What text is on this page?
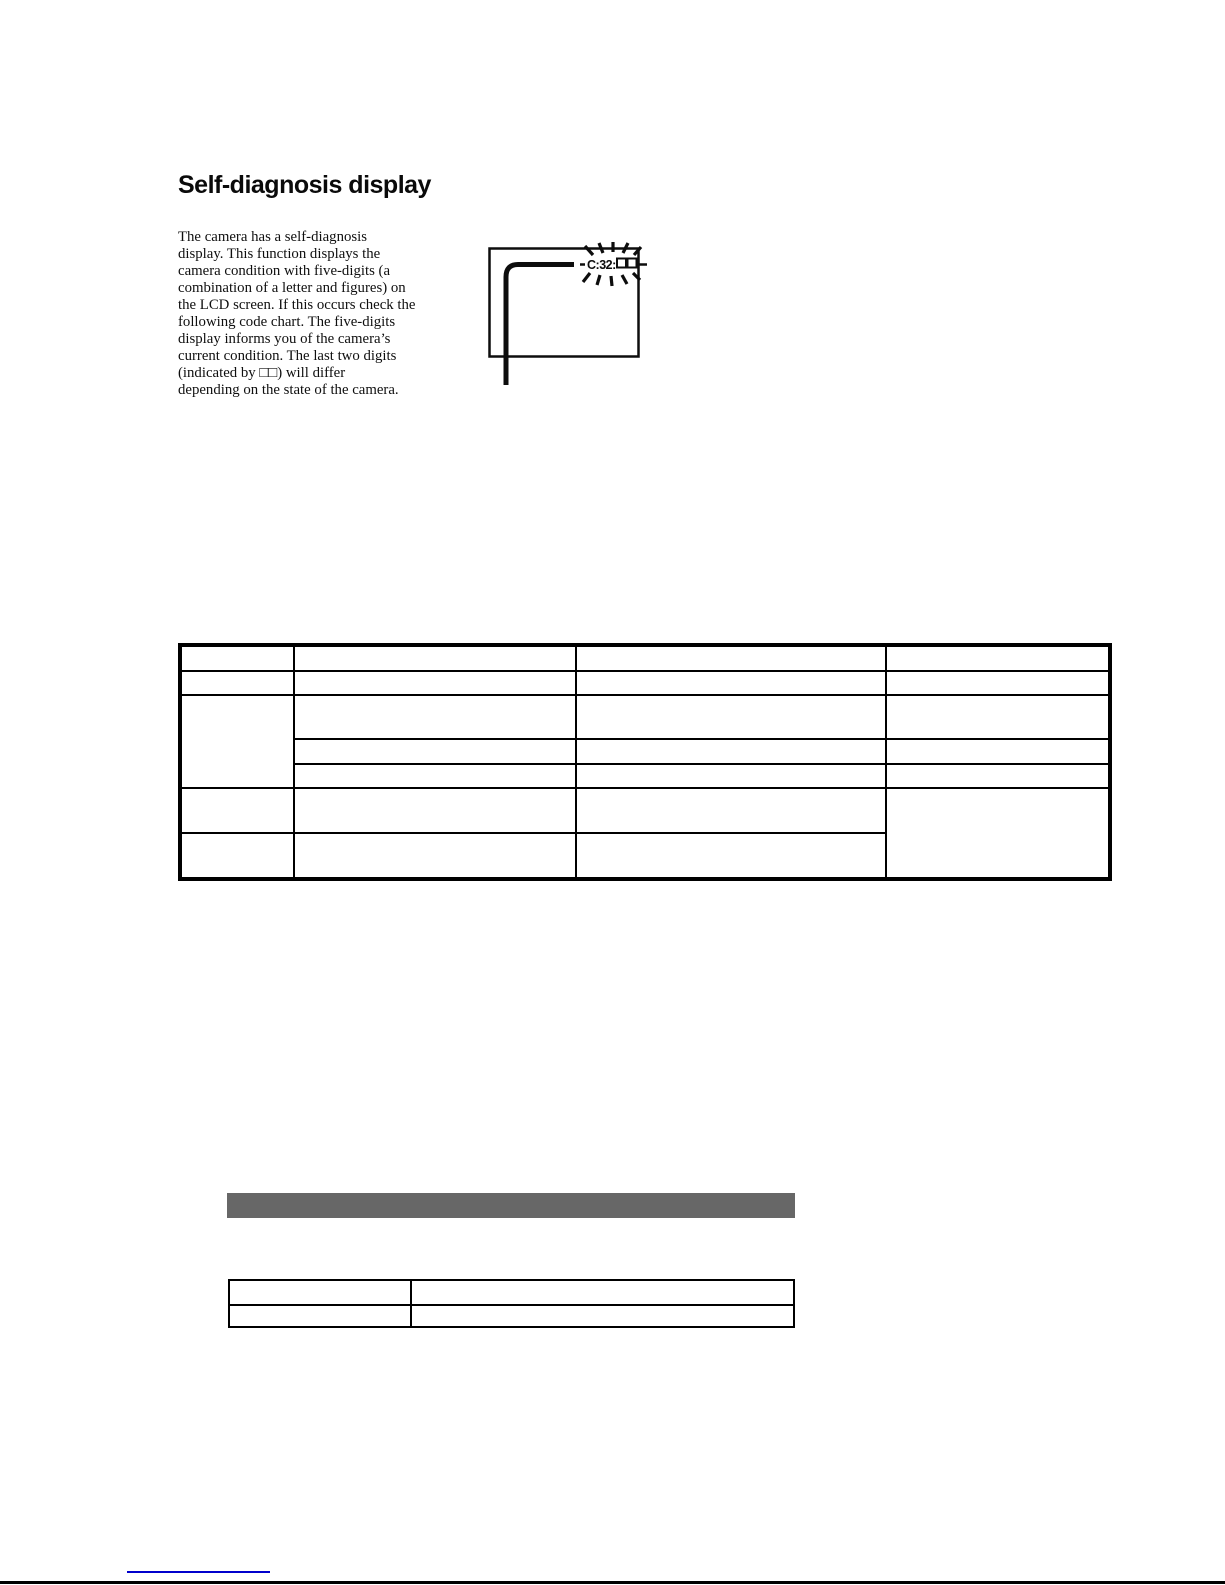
Self-diagnosis display
The camera has a self-diagnosis
display. This function displays the
camera condition with five-digits (a
combination of a letter and figures) on
the LCD screen. If this occurs check the
following code chart. The five-digits
display informs you of the camera’s
current condition. The last two digits
(indicated by □□) will differ
depending on the state of the camera.
C:32:
